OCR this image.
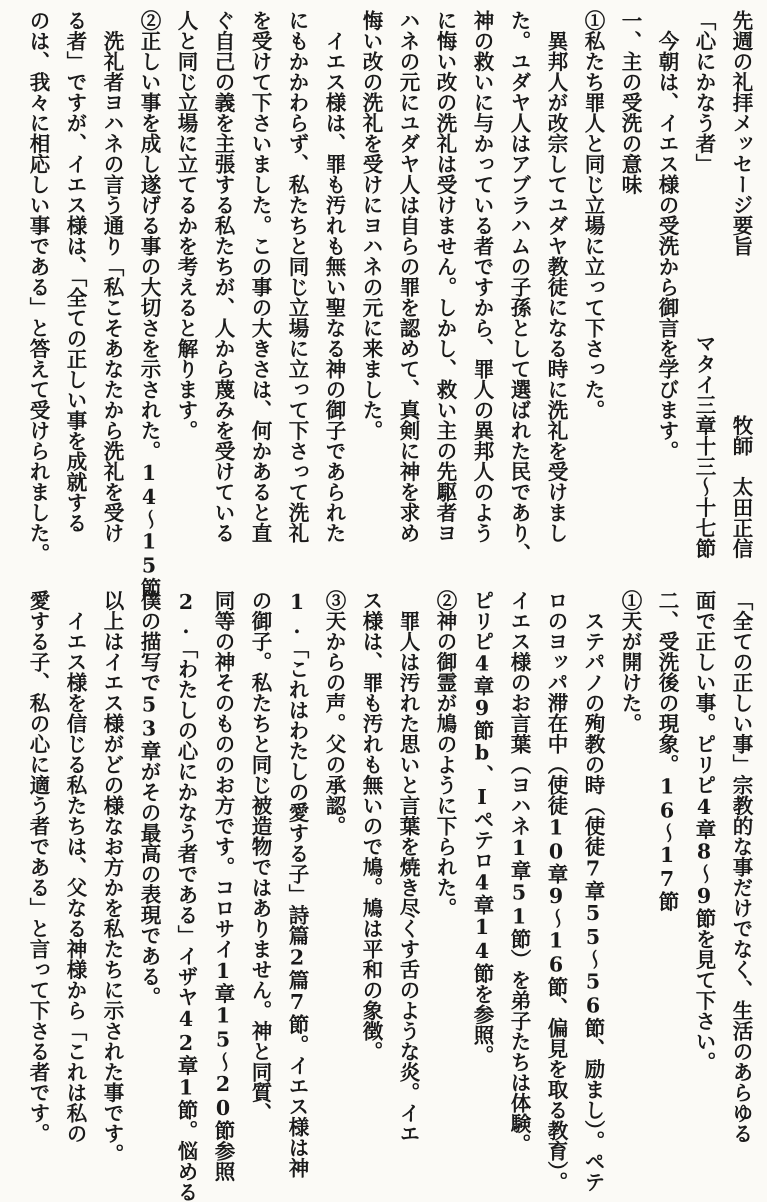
先週の礼拝メッセージ要旨
牧師　太田正信
「心にかなう者」
マタイ三章十三～十七節
　今朝は、イエス様の受洗から御言を学びます。
一、主の受洗の意味
①私たち罪人と同じ立場に立って下さった。
　異邦人が改宗してユダヤ教徒になる時に洗礼を受けまし
た。ユダヤ人はアブラハムの子孫として選ばれた民であり、
神の救いに与かっている者ですから、罪人の異邦人のよう
に悔い改の洗礼は受けません。しかし、救い主の先駆者ヨ
ハネの元にユダヤ人は自らの罪を認めて、真剣に神を求め
悔い改の洗礼を受けにヨハネの元に来ました。
　イエス様は、罪も汚れも無い聖なる神の御子であられた
にもかかわらず、私たちと同じ立場に立って下さって洗礼
を受けて下さいました。この事の大きさは、何かあると直
ぐ自己の義を主張する私たちが、人から蔑みを受けている
人と同じ立場に立てるかを考えると解ります。
②正しい事を成し遂げる事の大切さを示された。14～15節
　洗礼者ヨハネの言う通り「私こそあなたから洗礼を受け
る者」ですが、イエス様は、「全ての正しい事を成就する
のは、我々に相応しい事である」と答えて受けられました。
「全ての正しい事」宗教的な事だけでなく、生活のあらゆる
面で正しい事。ピリピ4章8～9節を見て下さい。
二、受洗後の現象。16～17節
①天が開けた。
　ステパノの殉教の時（使徒7章55～56節、励まし）。ペテ
ロのヨッパ滞在中（使徒10章9～16節、偏見を取る教育）。
イエス様のお言葉（ヨハネ1章51節）を弟子たちは体験。
ピリピ4章9節b、Iペテロ4章14節を参照。
②神の御霊が鳩のように下られた。
　罪人は汚れた思いと言葉を焼き尽くす舌のような炎。イエ
ス様は、罪も汚れも無いので鳩。鳩は平和の象徴。
③天からの声。父の承認。
1.「これはわたしの愛する子」詩篇2篇7節。イエス様は神
の御子。私たちと同じ被造物ではありません。神と同質、
同等の神そのもののお方です。コロサイ1章15～20節参照
2.「わたしの心にかなう者である」イザヤ42章1節。悩める
僕の描写で53章がその最高の表現である。
以上はイエス様がどの様なお方かを私たちに示された事です。
　イエス様を信じる私たちは、父なる神様から「これは私の
愛する子、私の心に適う者である」と言って下さる者です。
